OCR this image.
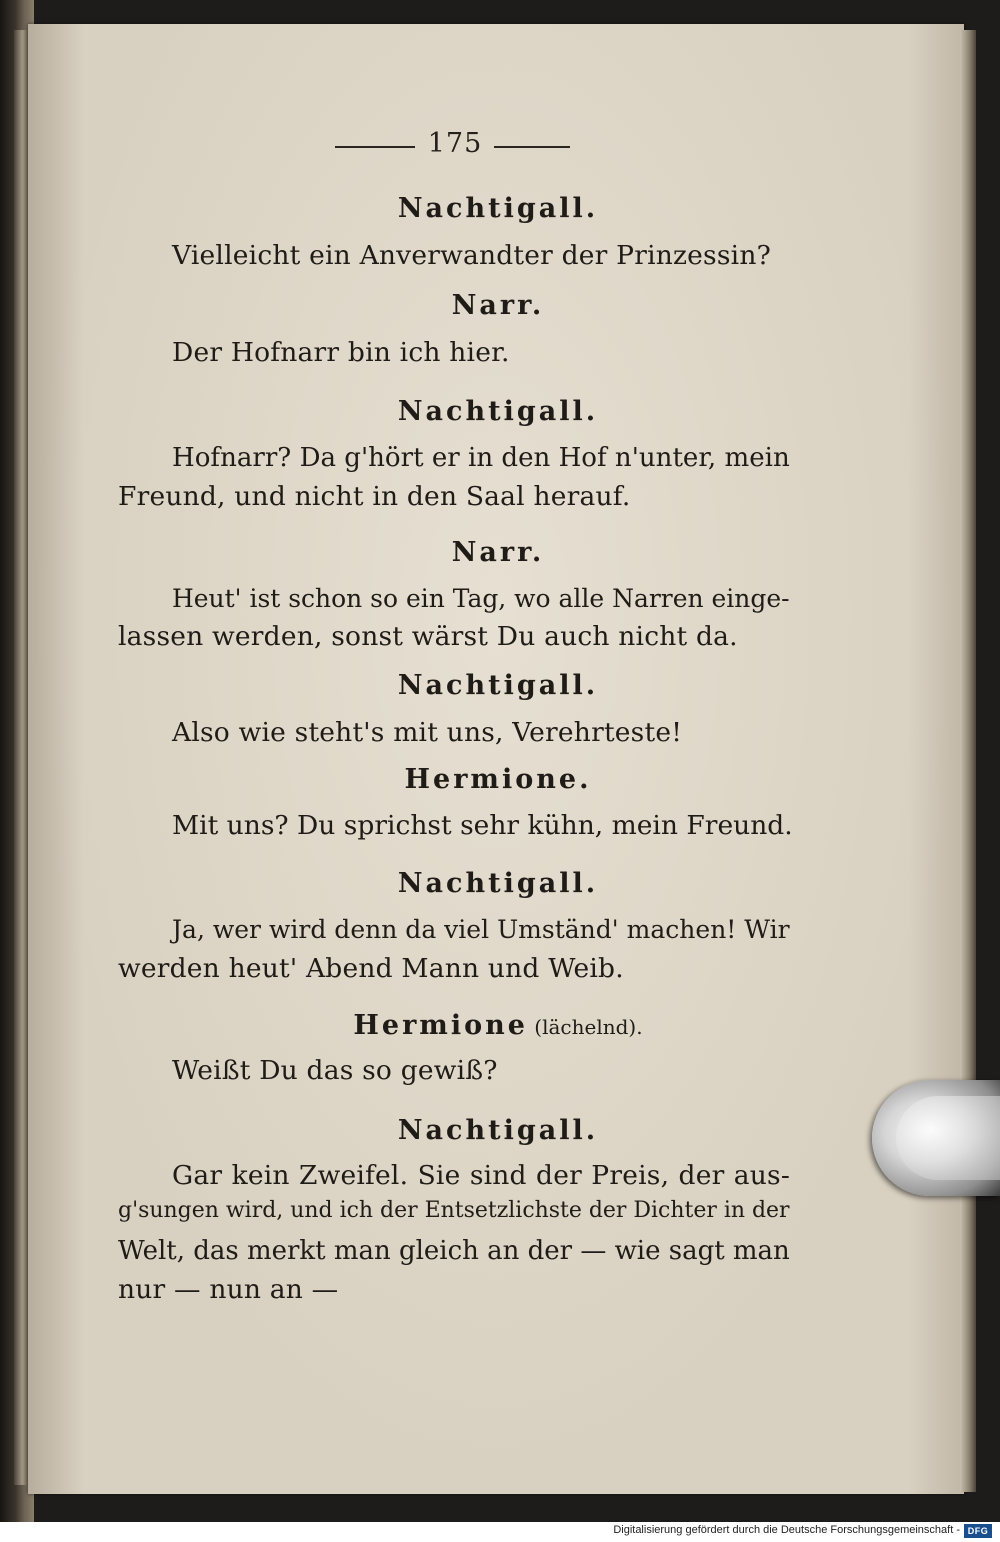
175
Nachtigall.
Vielleicht ein Anverwandter der Prinzessin?
Narr.
Der Hofnarr bin ich hier.
Nachtigall.
Hofnarr? Da g'hört er in den Hof n'unter, mein
Freund, und nicht in den Saal herauf.
Narr.
Heut' ist schon so ein Tag, wo alle Narren einge-
lassen werden, sonst wärst Du auch nicht da.
Nachtigall.
Also wie steht's mit uns, Verehrteste!
Hermione.
Mit uns? Du sprichst sehr kühn, mein Freund.
Nachtigall.
Ja, wer wird denn da viel Umständ' machen! Wir
werden heut' Abend Mann und Weib.
Hermione (lächelnd).
Weißt Du das so gewiß?
Nachtigall.
Gar kein Zweifel. Sie sind der Preis, der aus-
g'sungen wird, und ich der Entsetzlichste der Dichter in der
Welt, das merkt man gleich an der — wie sagt man
nur — nun an —
Digitalisierung gefördert durch die Deutsche Forschungsgemeinschaft - DFG
